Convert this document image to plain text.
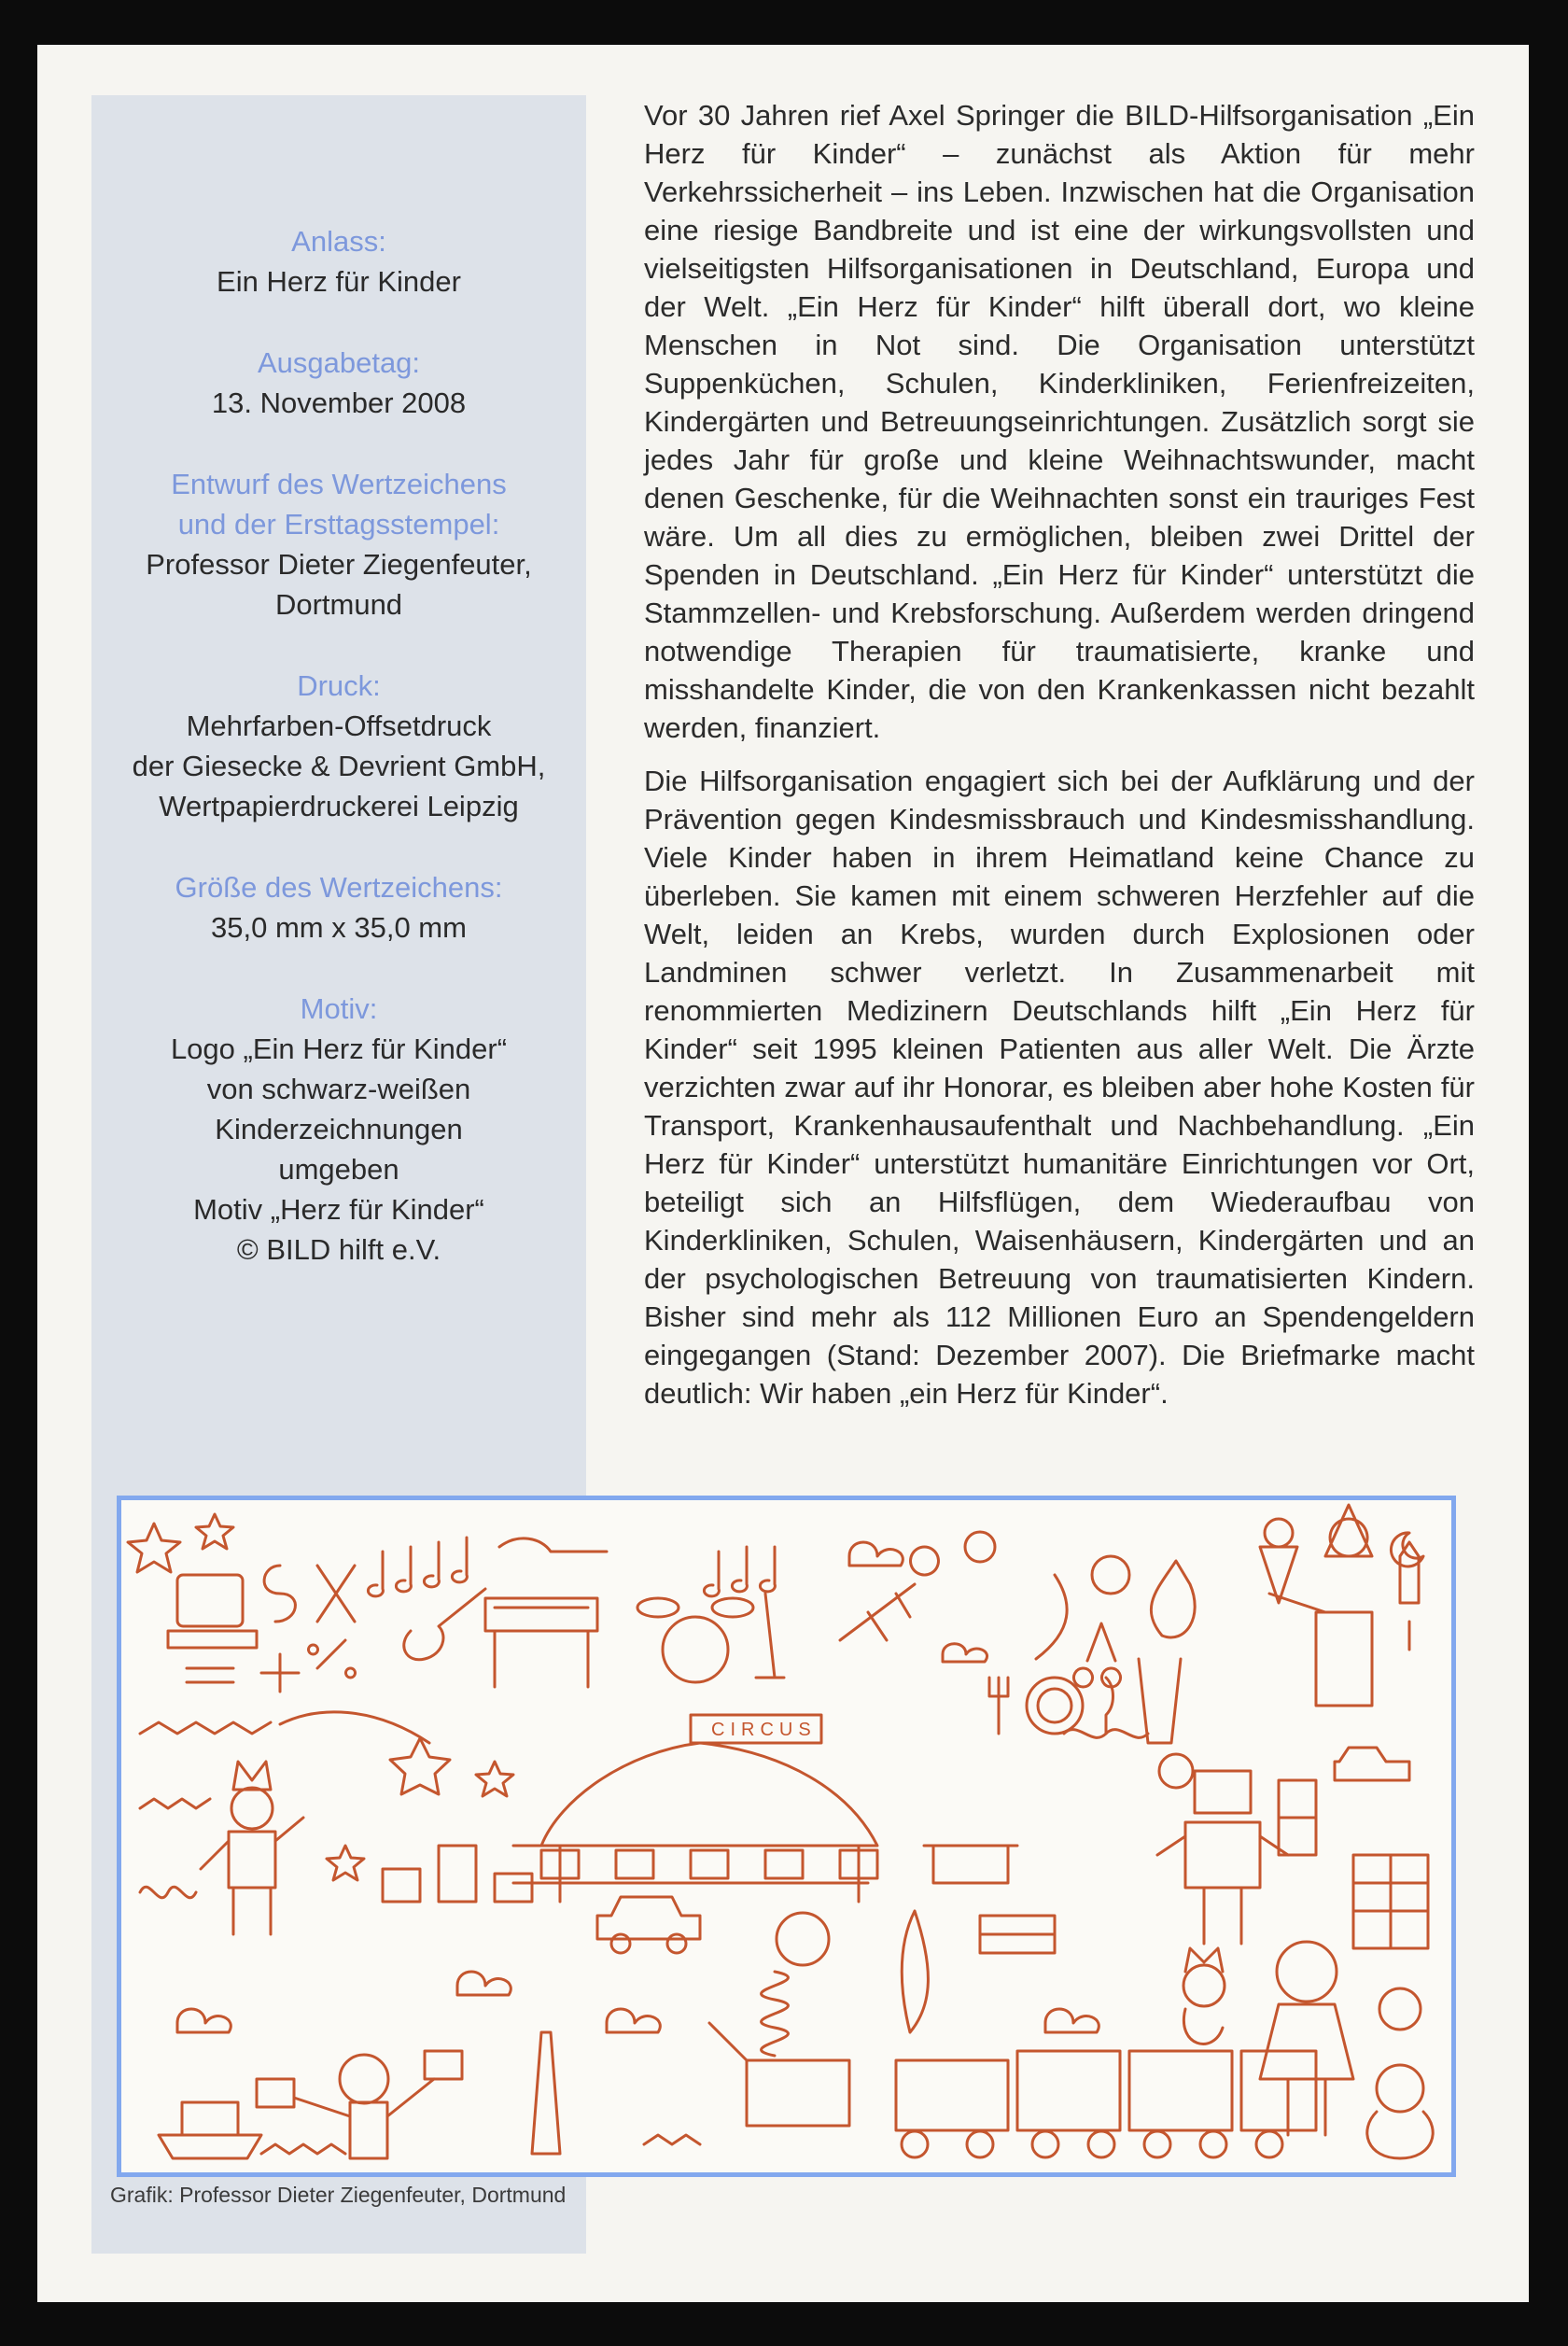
Anlass:
Ein Herz für Kinder
Ausgabetag:
13. November 2008
Entwurf des Wertzeichens
und der Ersttagsstempel:
Professor Dieter Ziegenfeuter,
Dortmund
Druck:
Mehrfarben-Offsetdruck
der Giesecke & Devrient GmbH,
Wertpapierdruckerei Leipzig
Größe des Wertzeichens:
35,0 mm x 35,0 mm
Motiv:
Logo „Ein Herz für Kinder“
von schwarz-weißen
Kinderzeichnungen
umgeben
Motiv „Herz für Kinder“
© BILD hilft e.V.

Vor 30 Jahren rief Axel Springer die BILD-Hilfsorganisation „Ein Herz für Kinder“ – zunächst als Aktion für mehr Verkehrssicherheit – ins Leben. Inzwischen hat die Organisation eine riesige Bandbreite und ist eine der wirkungsvollsten und vielseitigsten Hilfsorganisationen in Deutschland, Europa und der Welt. „Ein Herz für Kinder“ hilft überall dort, wo kleine Menschen in Not sind. Die Organisation unterstützt Suppenküchen, Schulen, Kinderkliniken, Ferienfreizeiten, Kindergärten und Betreuungseinrichtungen. Zusätzlich sorgt sie jedes Jahr für große und kleine Weihnachtswunder, macht denen Geschenke, für die Weihnachten sonst ein trauriges Fest wäre. Um all dies zu ermöglichen, bleiben zwei Drittel der Spenden in Deutschland. „Ein Herz für Kinder“ unterstützt die Stammzellen- und Krebsforschung. Außerdem werden dringend notwendige Therapien für traumatisierte, kranke und misshandelte Kinder, die von den Krankenkassen nicht bezahlt werden, finanziert.

Die Hilfsorganisation engagiert sich bei der Aufklärung und der Prävention gegen Kindesmissbrauch und Kindesmisshandlung. Viele Kinder haben in ihrem Heimatland keine Chance zu überleben. Sie kamen mit einem schweren Herzfehler auf die Welt, leiden an Krebs, wurden durch Explosionen oder Landminen schwer verletzt. In Zusammenarbeit mit renommierten Medizinern Deutschlands hilft „Ein Herz für Kinder“ seit 1995 kleinen Patienten aus aller Welt. Die Ärzte verzichten zwar auf ihr Honorar, es bleiben aber hohe Kosten für Transport, Krankenhausaufenthalt und Nachbehandlung. „Ein Herz für Kinder“ unterstützt humanitäre Einrichtungen vor Ort, beteiligt sich an Hilfsflügen, dem Wiederaufbau von Kinderkliniken, Schulen, Waisenhäusern, Kindergärten und an der psychologischen Betreuung von traumatisierten Kindern. Bisher sind mehr als 112 Millionen Euro an Spendengeldern eingegangen (Stand: Dezember 2007). Die Briefmarke macht deutlich: Wir haben „ein Herz für Kinder“.

CIRCUS
Grafik: Professor Dieter Ziegenfeuter, Dortmund
